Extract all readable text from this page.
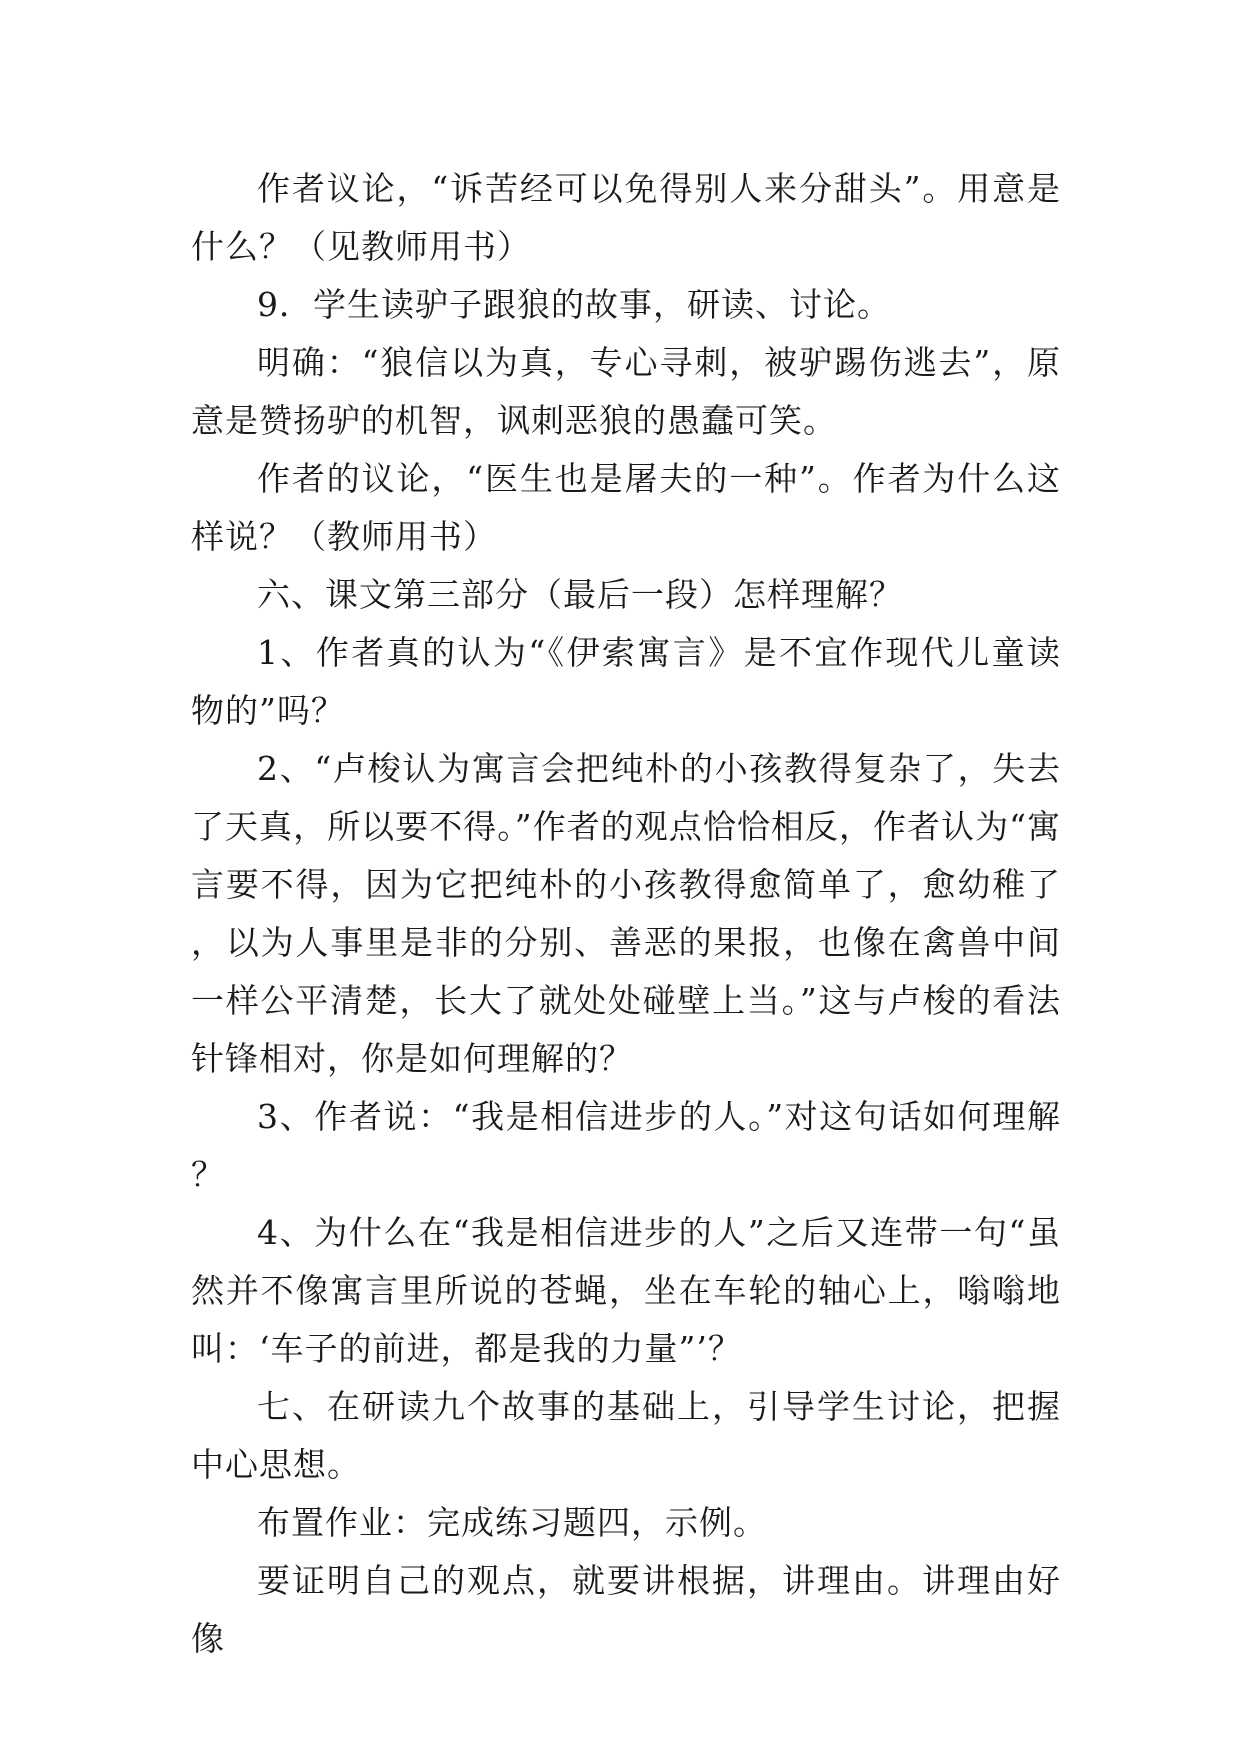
作者议论，“诉苦经可以免得别人来分甜头”。用意是什么？（见教师用书）

9．学生读驴子跟狼的故事，研读、讨论。

明确：“狼信以为真，专心寻刺，被驴踢伤逃去”，原意是赞扬驴的机智，讽刺恶狼的愚蠢可笑。

作者的议论，“医生也是屠夫的一种”。作者为什么这样说？（教师用书）

六、课文第三部分（最后一段）怎样理解？

1、作者真的认为“《伊索寓言》是不宜作现代儿童读物的”吗？

2、“卢梭认为寓言会把纯朴的小孩教得复杂了，失去了天真，所以要不得。”作者的观点恰恰相反，作者认为“寓言要不得，因为它把纯朴的小孩教得愈简单了，愈幼稚了，以为人事里是非的分别、善恶的果报，也像在禽兽中间一样公平清楚，长大了就处处碰壁上当。”这与卢梭的看法针锋相对，你是如何理解的？

3、作者说：“我是相信进步的人。”对这句话如何理解？

4、为什么在“我是相信进步的人”之后又连带一句“虽然并不像寓言里所说的苍蝇，坐在车轮的轴心上，嗡嗡地叫：‘车子的前进，都是我的力量”’？

七、在研读九个故事的基础上，引导学生讨论，把握中心思想。

布置作业：完成练习题四，示例。

要证明自己的观点，就要讲根据，讲理由。讲理由好像
